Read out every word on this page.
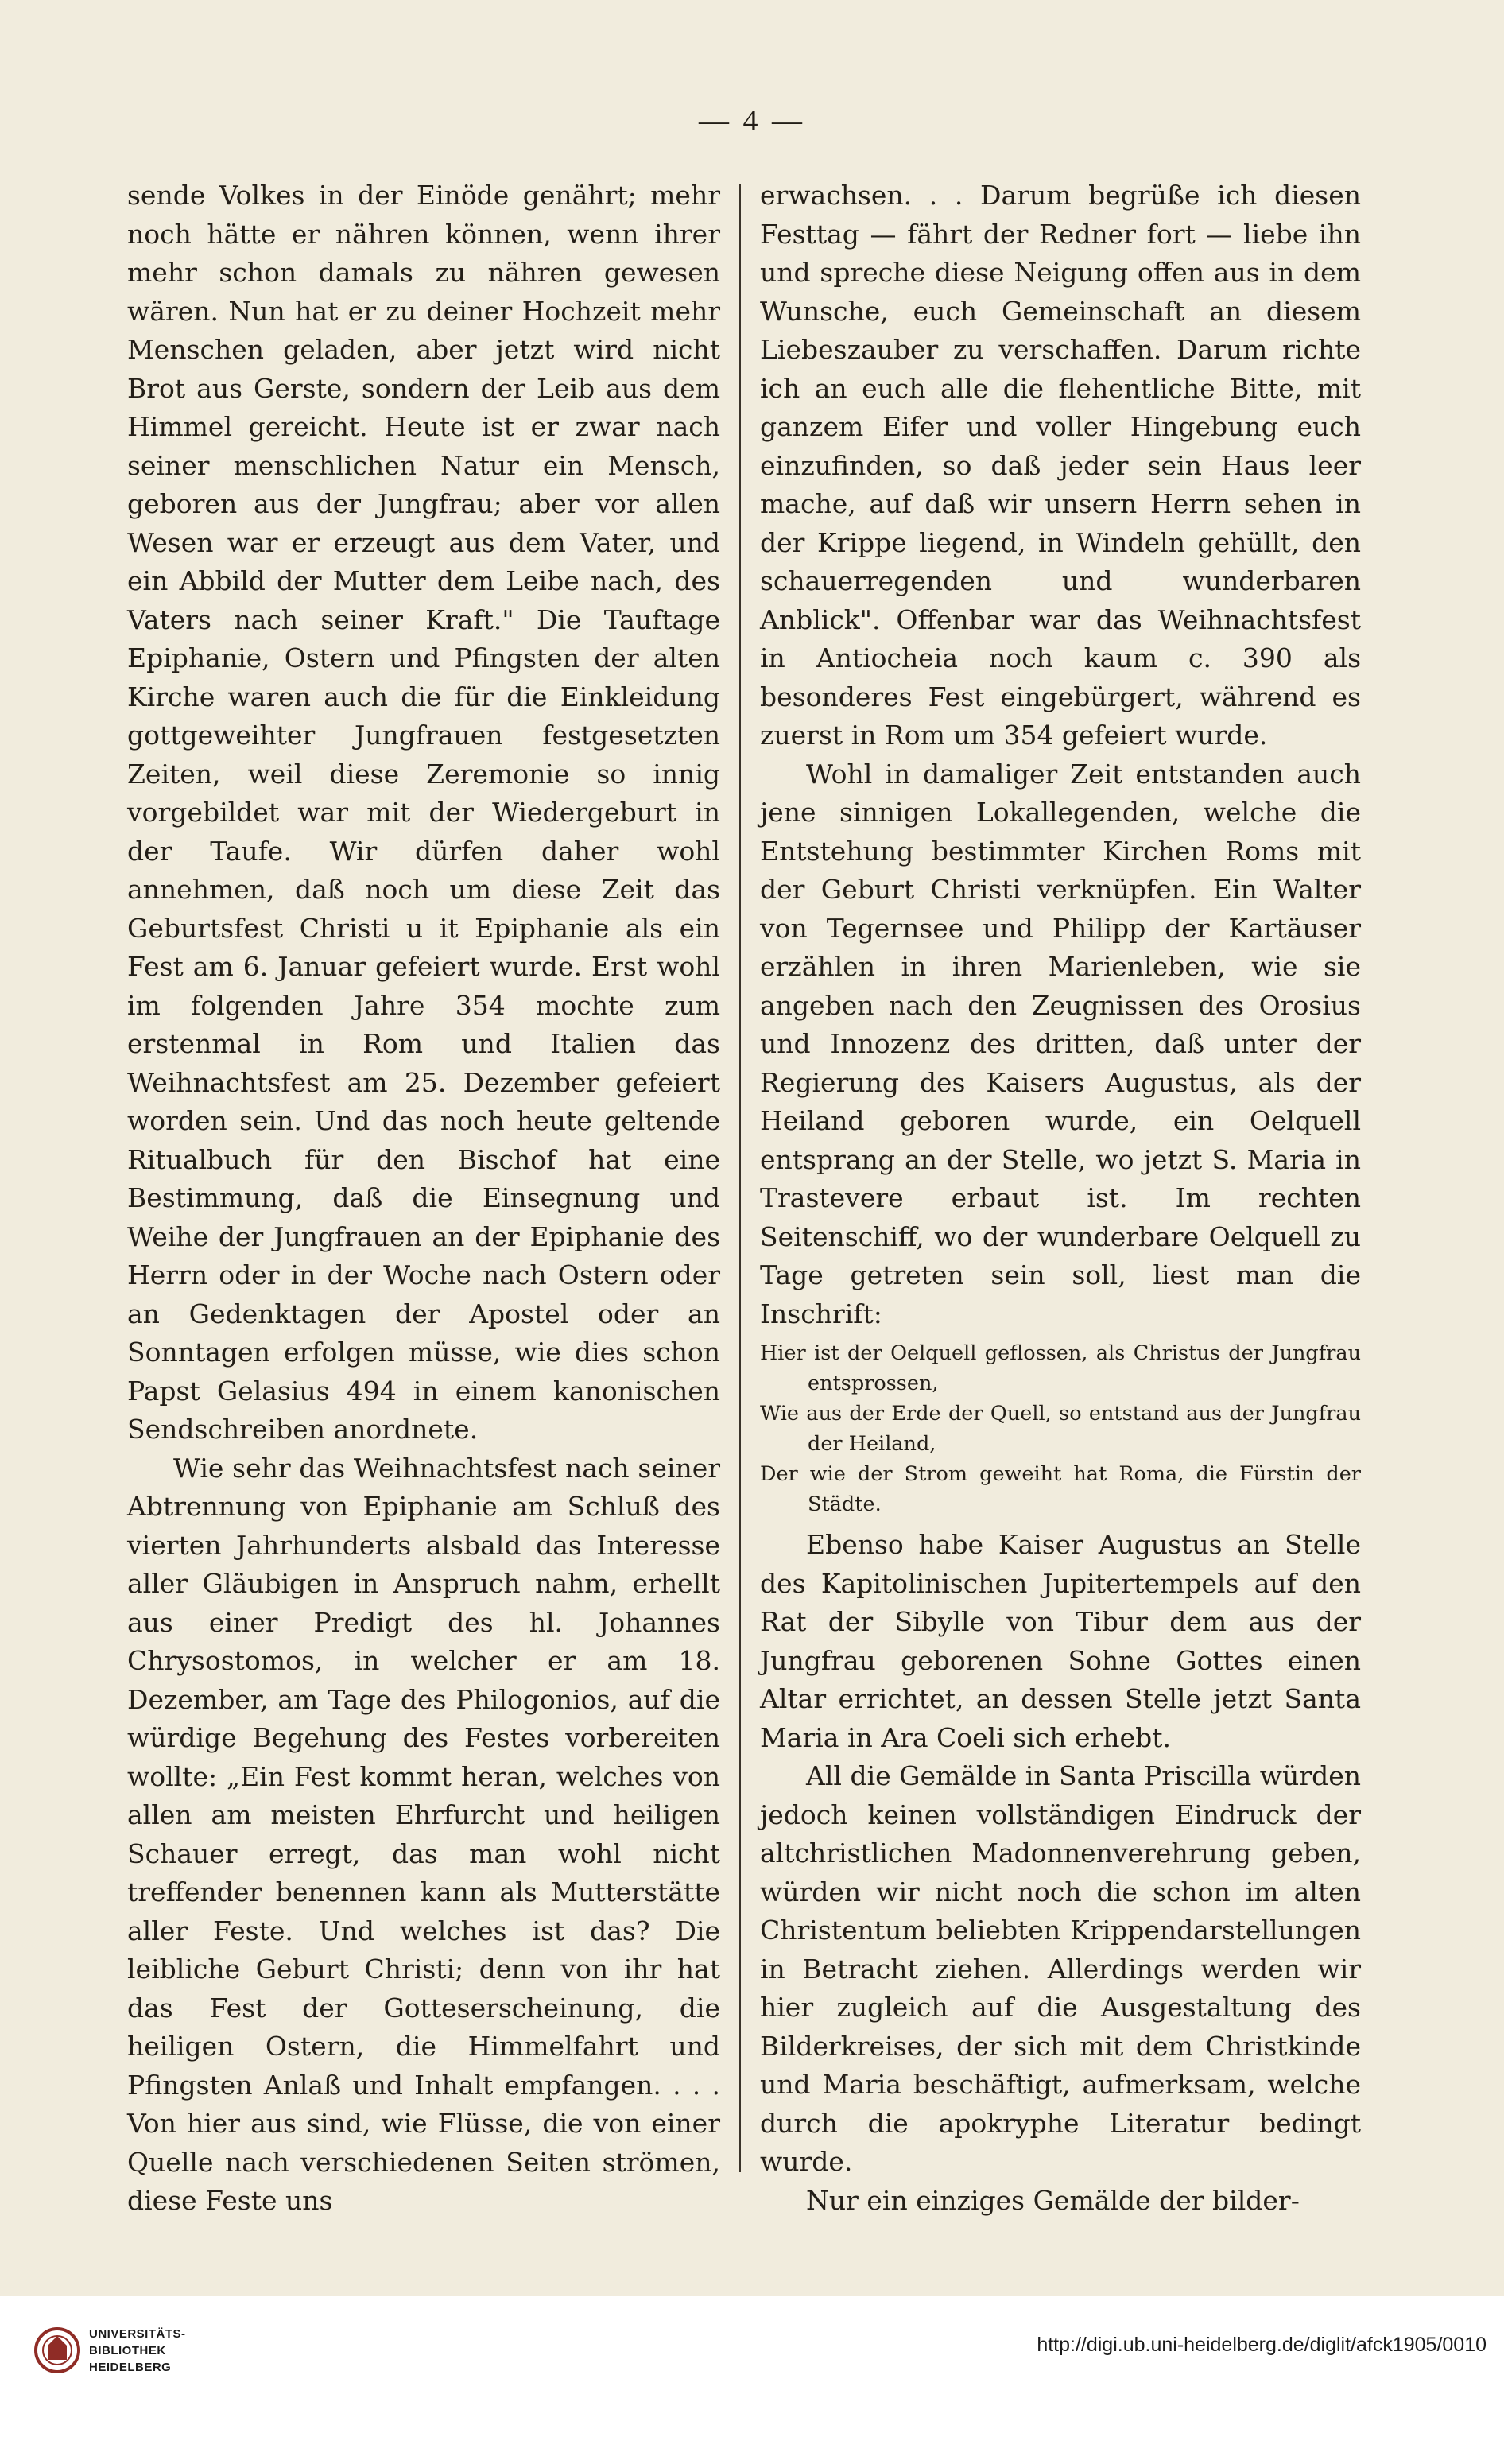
— 4 —

sende Volkes in der Einöde genährt; mehr noch hätte er nähren können, wenn ihrer mehr schon damals zu nähren gewesen wären. Nun hat er zu deiner Hochzeit mehr Menschen geladen, aber jetzt wird nicht Brot aus Gerste, sondern der Leib aus dem Himmel gereicht. Heute ist er zwar nach seiner menschlichen Natur ein Mensch, geboren aus der Jungfrau; aber vor allen Wesen war er erzeugt aus dem Vater, und ein Abbild der Mutter dem Leibe nach, des Vaters nach seiner Kraft." Die Tauftage Epiphanie, Ostern und Pfingsten der alten Kirche waren auch die für die Einkleidung gottgeweihter Jungfrauen festgesetzten Zeiten, weil diese Zeremonie so innig vorgebildet war mit der Wiedergeburt in der Taufe. Wir dürfen daher wohl annehmen, daß noch um diese Zeit das Geburtsfest Christi u it Epiphanie als ein Fest am 6. Januar gefeiert wurde. Erst wohl im folgenden Jahre 354 mochte zum erstenmal in Rom und Italien das Weihnachtsfest am 25. Dezember gefeiert worden sein. Und das noch heute geltende Ritualbuch für den Bischof hat eine Bestimmung, daß die Einsegnung und Weihe der Jungfrauen an der Epiphanie des Herrn oder in der Woche nach Ostern oder an Gedenktagen der Apostel oder an Sonntagen erfolgen müsse, wie dies schon Papst Gelasius 494 in einem kanonischen Sendschreiben anordnete.

Wie sehr das Weihnachtsfest nach seiner Abtrennung von Epiphanie am Schluß des vierten Jahrhunderts alsbald das Interesse aller Gläubigen in Anspruch nahm, erhellt aus einer Predigt des hl. Johannes Chrysostomos, in welcher er am 18. Dezember, am Tage des Philogonios, auf die würdige Begehung des Festes vorbereiten wollte: „Ein Fest kommt heran, welches von allen am meisten Ehrfurcht und heiligen Schauer erregt, das man wohl nicht treffender benennen kann als Mutterstätte aller Feste. Und welches ist das? Die leibliche Geburt Christi; denn von ihr hat das Fest der Gotteserscheinung, die heiligen Ostern, die Himmelfahrt und Pfingsten Anlaß und Inhalt empfangen. . . . Von hier aus sind, wie Flüsse, die von einer Quelle nach verschiedenen Seiten strömen, diese Feste uns

erwachsen. . . Darum begrüße ich diesen Festtag — fährt der Redner fort — liebe ihn und spreche diese Neigung offen aus in dem Wunsche, euch Gemeinschaft an diesem Liebeszauber zu verschaffen. Darum richte ich an euch alle die flehentliche Bitte, mit ganzem Eifer und voller Hingebung euch einzufinden, so daß jeder sein Haus leer mache, auf daß wir unsern Herrn sehen in der Krippe liegend, in Windeln gehüllt, den schauerregenden und wunderbaren Anblick". Offenbar war das Weihnachtsfest in Antiocheia noch kaum c. 390 als besonderes Fest eingebürgert, während es zuerst in Rom um 354 gefeiert wurde.

Wohl in damaliger Zeit entstanden auch jene sinnigen Lokallegenden, welche die Entstehung bestimmter Kirchen Roms mit der Geburt Christi verknüpfen. Ein Walter von Tegernsee und Philipp der Kartäuser erzählen in ihren Marienleben, wie sie angeben nach den Zeugnissen des Orosius und Innozenz des dritten, daß unter der Regierung des Kaisers Augustus, als der Heiland geboren wurde, ein Oelquell entsprang an der Stelle, wo jetzt S. Maria in Trastevere erbaut ist. Im rechten Seitenschiff, wo der wunderbare Oelquell zu Tage getreten sein soll, liest man die Inschrift:

Hier ist der Oelquell geflossen, als Christus der Jungfrau entsprossen,

Wie aus der Erde der Quell, so entstand aus der Jungfrau der Heiland,

Der wie der Strom geweiht hat Roma, die Fürstin der Städte.

Ebenso habe Kaiser Augustus an Stelle des Kapitolinischen Jupitertempels auf den Rat der Sibylle von Tibur dem aus der Jungfrau geborenen Sohne Gottes einen Altar errichtet, an dessen Stelle jetzt Santa Maria in Ara Coeli sich erhebt.

All die Gemälde in Santa Priscilla würden jedoch keinen vollständigen Eindruck der altchristlichen Madonnenverehrung geben, würden wir nicht noch die schon im alten Christentum beliebten Krippendarstellungen in Betracht ziehen. Allerdings werden wir hier zugleich auf die Ausgestaltung des Bilderkreises, der sich mit dem Christkinde und Maria beschäftigt, aufmerksam, welche durch die apokryphe Literatur bedingt wurde.

Nur ein einziges Gemälde der bilder-

UNIVERSITÄTS-
BIBLIOTHEK
HEIDELBERG
http://digi.ub.uni-heidelberg.de/diglit/afck1905/0010
